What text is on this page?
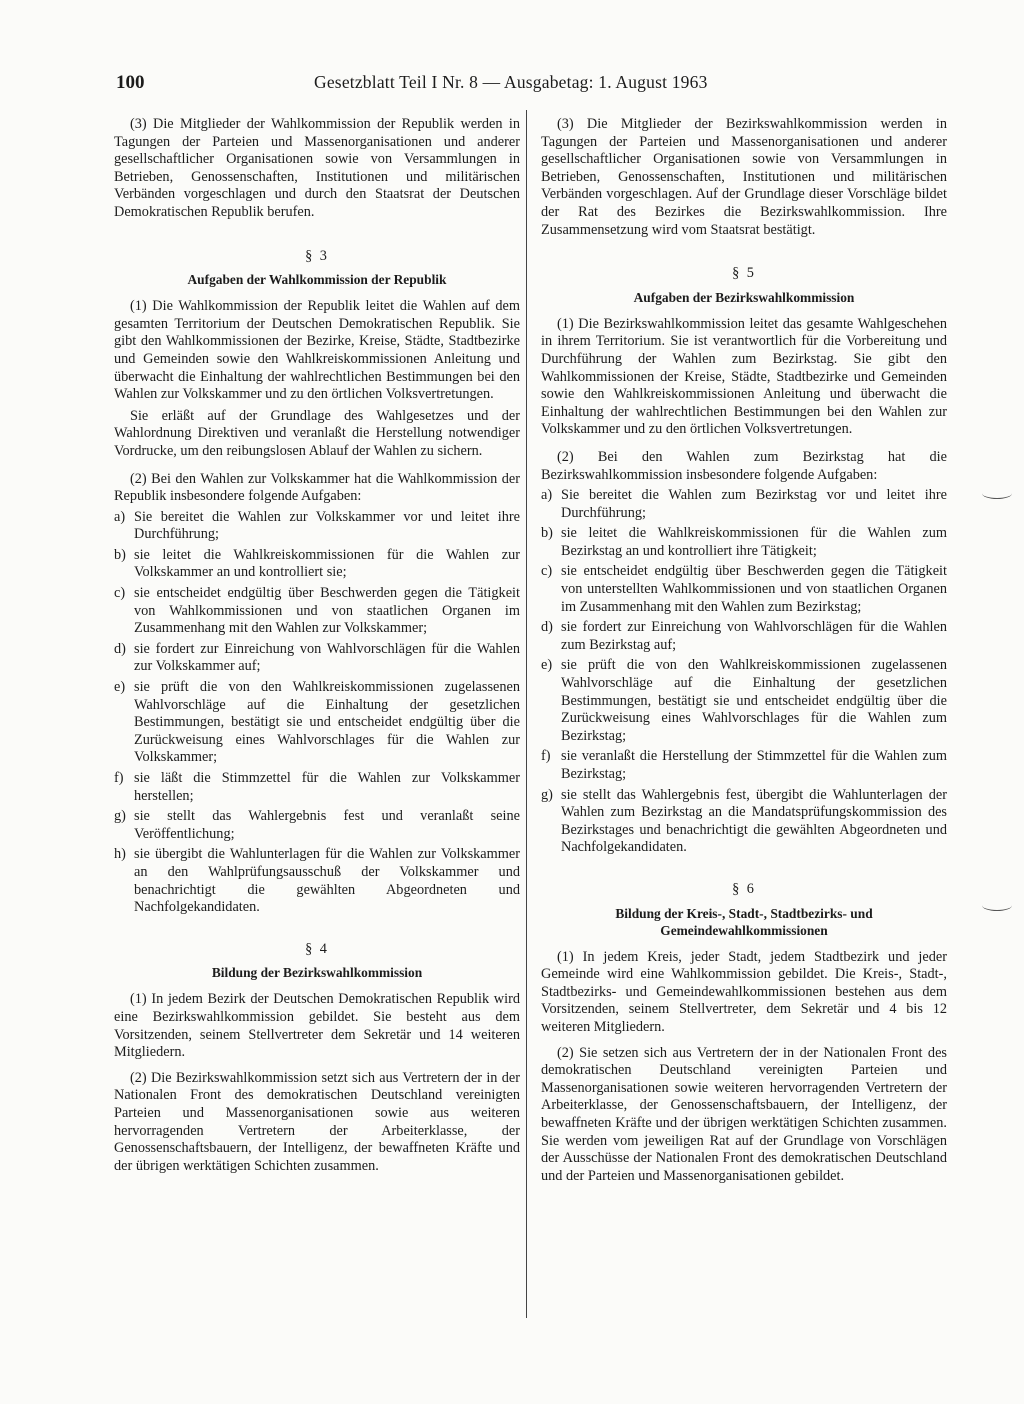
100	Gesetzblatt Teil I Nr. 8 — Ausgabetag: 1. August 1963

(3) Die Mitglieder der Wahlkommission der Republik werden in Tagungen der Parteien und Massenorganisationen und anderer gesellschaftlicher Organisationen sowie von Versammlungen in Betrieben, Genossenschaften, Institutionen und militärischen Verbänden vorgeschlagen und durch den Staatsrat der Deutschen Demokratischen Republik berufen.

§ 3

Aufgaben der Wahlkommission der Republik

(1) Die Wahlkommission der Republik leitet die Wahlen auf dem gesamten Territorium der Deutschen Demokratischen Republik. Sie gibt den Wahlkommissionen der Bezirke, Kreise, Städte, Stadtbezirke und Gemeinden sowie den Wahlkreiskommissionen Anleitung und überwacht die Einhaltung der wahlrechtlichen Bestimmungen bei den Wahlen zur Volkskammer und zu den örtlichen Volksvertretungen.

Sie erläßt auf der Grundlage des Wahlgesetzes und der Wahlordnung Direktiven und veranlaßt die Herstellung notwendiger Vordrucke, um den reibungslosen Ablauf der Wahlen zu sichern.

(2) Bei den Wahlen zur Volkskammer hat die Wahlkommission der Republik insbesondere folgende Aufgaben:

a) Sie bereitet die Wahlen zur Volkskammer vor und leitet ihre Durchführung;
b) sie leitet die Wahlkreiskommissionen für die Wahlen zur Volkskammer an und kontrolliert sie;
c) sie entscheidet endgültig über Beschwerden gegen die Tätigkeit von Wahlkommissionen und von staatlichen Organen im Zusammenhang mit den Wahlen zur Volkskammer;
d) sie fordert zur Einreichung von Wahlvorschlägen für die Wahlen zur Volkskammer auf;
e) sie prüft die von den Wahlkreiskommissionen zugelassenen Wahlvorschläge auf die Einhaltung der gesetzlichen Bestimmungen, bestätigt sie und entscheidet endgültig über die Zurückweisung eines Wahlvorschlages für die Wahlen zur Volkskammer;
f) sie läßt die Stimmzettel für die Wahlen zur Volkskammer herstellen;
g) sie stellt das Wahlergebnis fest und veranlaßt seine Veröffentlichung;
h) sie übergibt die Wahlunterlagen für die Wahlen zur Volkskammer an den Wahlprüfungsausschuß der Volkskammer und benachrichtigt die gewählten Abgeordneten und Nachfolgekandidaten.

§ 4

Bildung der Bezirkswahlkommission

(1) In jedem Bezirk der Deutschen Demokratischen Republik wird eine Bezirkswahlkommission gebildet. Sie besteht aus dem Vorsitzenden, seinem Stellvertreter dem Sekretär und 14 weiteren Mitgliedern.

(2) Die Bezirkswahlkommission setzt sich aus Vertretern der in der Nationalen Front des demokratischen Deutschland vereinigten Parteien und Massenorganisationen sowie aus weiteren hervorragenden Vertretern der Arbeiterklasse, der Genossenschaftsbauern, der Intelligenz, der bewaffneten Kräfte und der übrigen werktätigen Schichten zusammen.

(3) Die Mitglieder der Bezirkswahlkommission werden in Tagungen der Parteien und Massenorganisationen und anderer gesellschaftlicher Organisationen sowie von Versammlungen in Betrieben, Genossenschaften, Institutionen und militärischen Verbänden vorgeschlagen. Auf der Grundlage dieser Vorschläge bildet der Rat des Bezirkes die Bezirkswahlkommission. Ihre Zusammensetzung wird vom Staatsrat bestätigt.

§ 5

Aufgaben der Bezirkswahlkommission

(1) Die Bezirkswahlkommission leitet das gesamte Wahlgeschehen in ihrem Territorium. Sie ist verantwortlich für die Vorbereitung und Durchführung der Wahlen zum Bezirkstag. Sie gibt den Wahlkommissionen der Kreise, Städte, Stadtbezirke und Gemeinden sowie den Wahlkreiskommissionen Anleitung und überwacht die Einhaltung der wahlrechtlichen Bestimmungen bei den Wahlen zur Volkskammer und zu den örtlichen Volksvertretungen.

(2) Bei den Wahlen zum Bezirkstag hat die Bezirkswahlkommission insbesondere folgende Aufgaben:

a) Sie bereitet die Wahlen zum Bezirkstag vor und leitet ihre Durchführung;
b) sie leitet die Wahlkreiskommissionen für die Wahlen zum Bezirkstag an und kontrolliert ihre Tätigkeit;
c) sie entscheidet endgültig über Beschwerden gegen die Tätigkeit von unterstellten Wahlkommissionen und von staatlichen Organen im Zusammenhang mit den Wahlen zum Bezirkstag;
d) sie fordert zur Einreichung von Wahlvorschlägen für die Wahlen zum Bezirkstag auf;
e) sie prüft die von den Wahlkreiskommissionen zugelassenen Wahlvorschläge auf die Einhaltung der gesetzlichen Bestimmungen, bestätigt sie und entscheidet endgültig über die Zurückweisung eines Wahlvorschlages für die Wahlen zum Bezirkstag;
f) sie veranlaßt die Herstellung der Stimmzettel für die Wahlen zum Bezirkstag;
g) sie stellt das Wahlergebnis fest, übergibt die Wahlunterlagen der Wahlen zum Bezirkstag an die Mandatsprüfungskommission des Bezirkstages und benachrichtigt die gewählten Abgeordneten und Nachfolgekandidaten.

§ 6

Bildung der Kreis-, Stadt-, Stadtbezirks- und Gemeindewahlkommissionen

(1) In jedem Kreis, jeder Stadt, jedem Stadtbezirk und jeder Gemeinde wird eine Wahlkommission gebildet. Die Kreis-, Stadt-, Stadtbezirks- und Gemeindewahlkommissionen bestehen aus dem Vorsitzenden, seinem Stellvertreter, dem Sekretär und 4 bis 12 weiteren Mitgliedern.

(2) Sie setzen sich aus Vertretern der in der Nationalen Front des demokratischen Deutschland vereinigten Parteien und Massenorganisationen sowie weiteren hervorragenden Vertretern der Arbeiterklasse, der Genossenschaftsbauern, der Intelligenz, der bewaffneten Kräfte und der übrigen werktätigen Schichten zusammen. Sie werden vom jeweiligen Rat auf der Grundlage von Vorschlägen der Ausschüsse der Nationalen Front des demokratischen Deutschland und der Parteien und Massenorganisationen gebildet.
